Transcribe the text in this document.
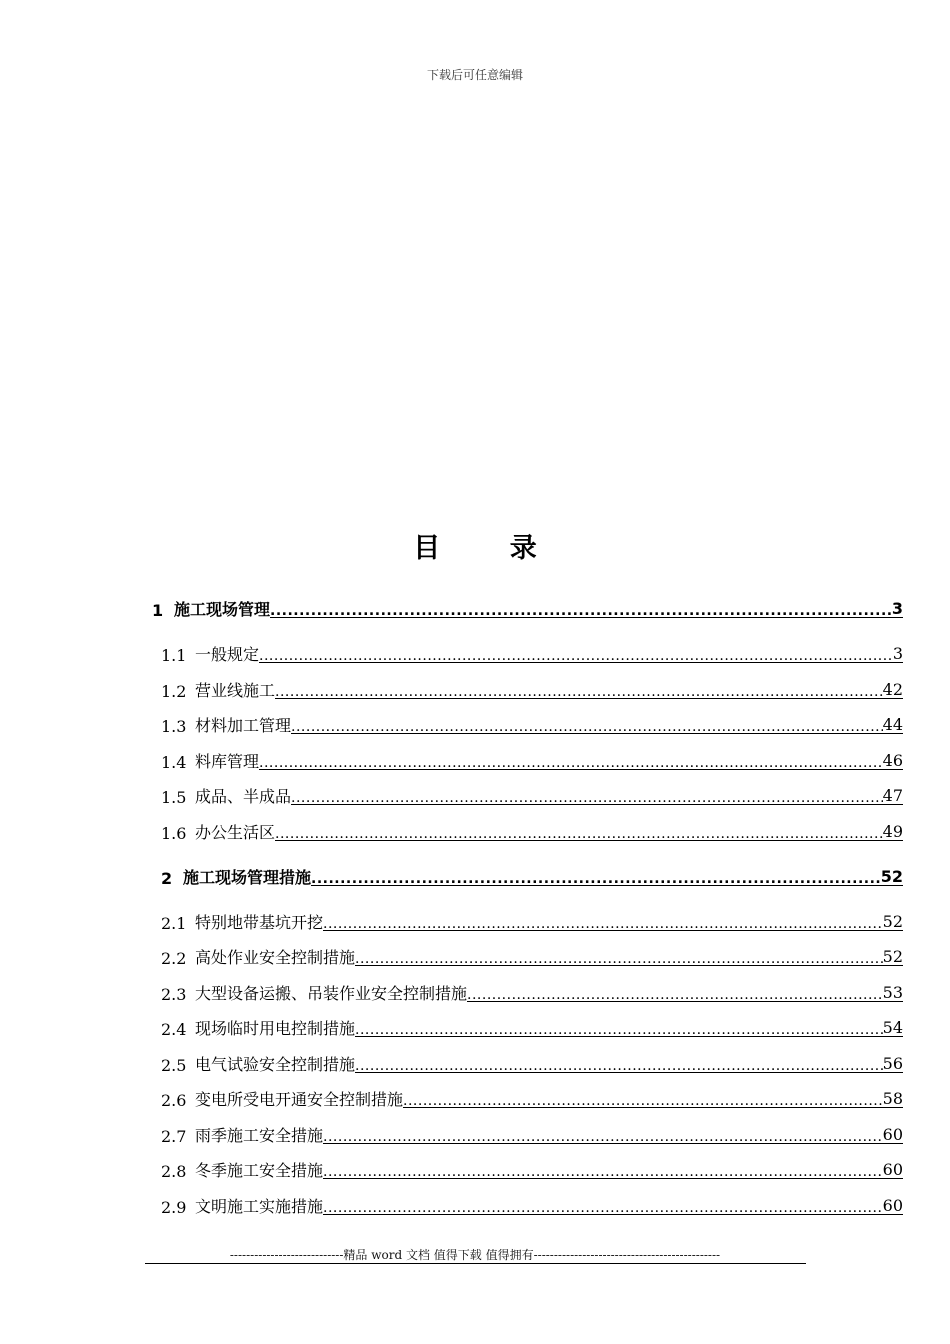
下载后可任意编辑
目 录
1 施工现场管理 .....	3
1.1 一般规定 .....	3
1.2 营业线施工 .....	42
1.3 材料加工管理 .....	44
1.4 料库管理 .....	46
1.5 成品、半成品 .....	47
1.6 办公生活区 .....	49
2 施工现场管理措施 .....	52
2.1 特别地带基坑开挖 .....	52
2.2 高处作业安全控制措施 .....	52
2.3 大型设备运搬、吊装作业安全控制措施 .....	53
2.4 现场临时用电控制措施 .....	54
2.5 电气试验安全控制措施 .....	56
2.6 变电所受电开通安全控制措施 .....	58
2.7 雨季施工安全措施 .....	60
2.8 冬季施工安全措施 .....	60
2.9 文明施工实施措施 .....	60
----------------------------精品 word 文档 值得下载 值得拥有----------------------------------------------
